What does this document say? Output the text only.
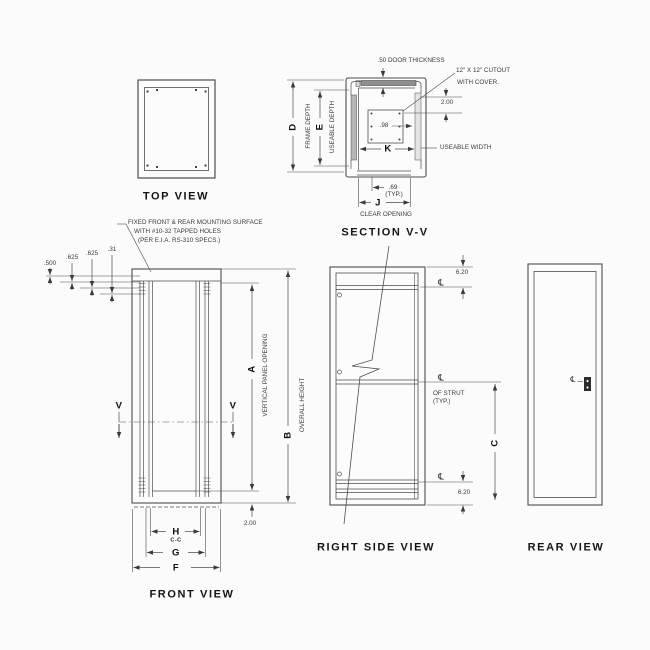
TOP VIEW
.50 DOOR THICKNESS
12" X 12" CUTOUT
WITH COVER.
2.00
.98
K	USEABLE WIDTH
.69
(TYP.)
J
CLEAR OPENING
D FRAME DEPTH E USEABLE DEPTH
SECTION V-V
FIXED FRONT & REAR MOUNTING SURFACE
WITH #10-32 TAPPED HOLES
(PER E.I.A. RS-310 SPECS.)
.500
.625
.625
.31
V	V
A VERTICAL PANEL OPENING
B
OVERALL HEIGHT
2.00
H
C-C
G
F
FRONT VIEW
6.20
℄
℄
OF STRUT
(TYP.)
C
℄
6.20
RIGHT SIDE VIEW
℄
REAR VIEW
